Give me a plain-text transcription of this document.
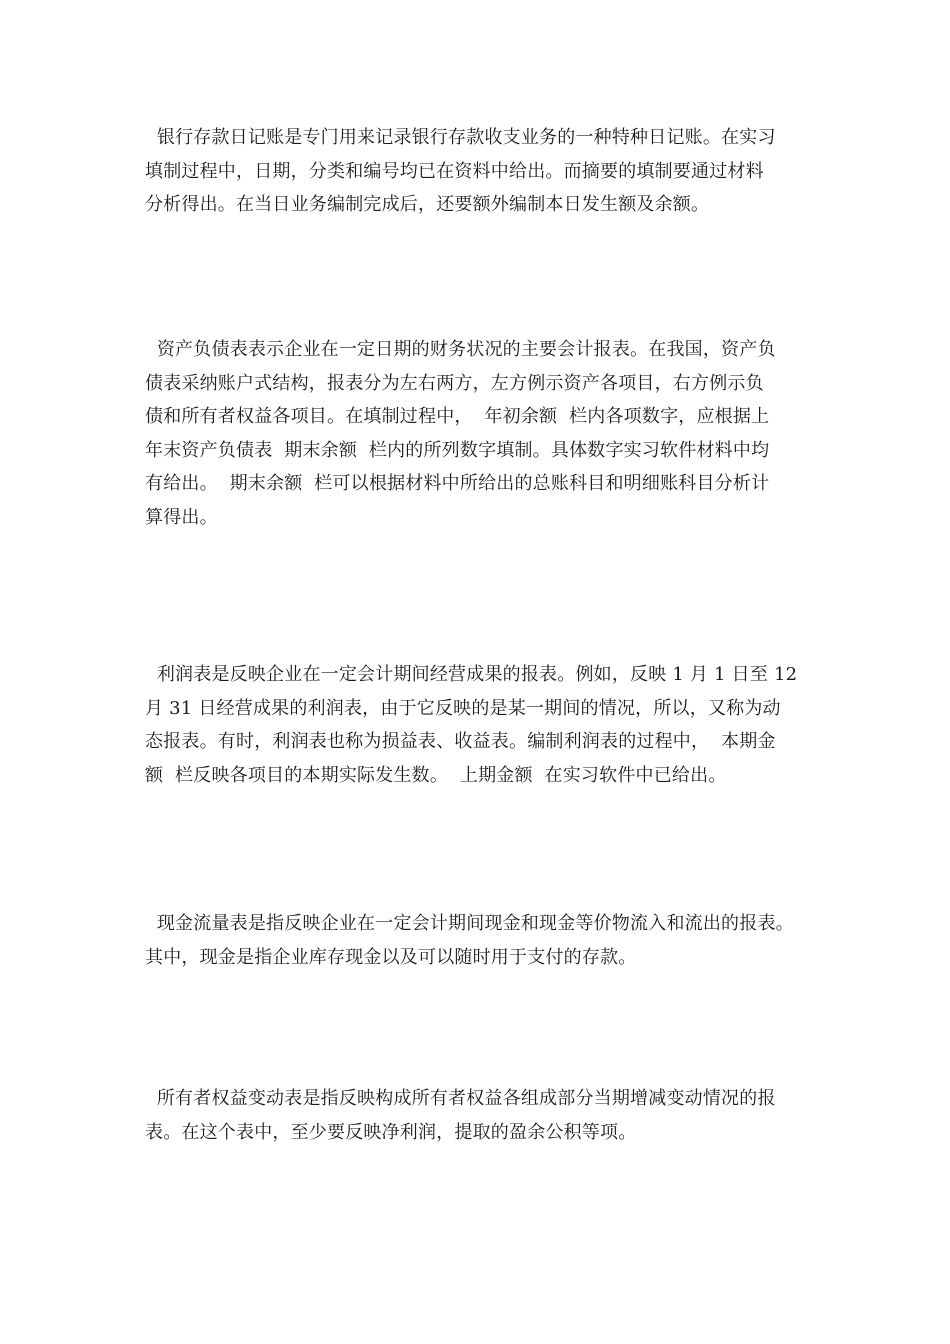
银行存款日记账是专门用来记录银行存款收支业务的一种特种日记账。在实习
填制过程中，日期，分类和编号均已在资料中给出。而摘要的填制要通过材料
分析得出。在当日业务编制完成后，还要额外编制本日发生额及余额。
资产负债表表示企业在一定日期的财务状况的主要会计报表。在我国，资产负
债表采纳账户式结构，报表分为左右两方，左方例示资产各项目，右方例示负
债和所有者权益各项目。在填制过程中，  年初余额  栏内各项数字，应根据上
年末资产负债表  期末余额  栏内的所列数字填制。具体数字实习软件材料中均
有给出。  期末余额  栏可以根据材料中所给出的总账科目和明细账科目分析计
算得出。
利润表是反映企业在一定会计期间经营成果的报表。例如，反映 1 月 1 日至 12
月 31 日经营成果的利润表，由于它反映的是某一期间的情况，所以，又称为动
态报表。有时，利润表也称为损益表、收益表。编制利润表的过程中，  本期金
额  栏反映各项目的本期实际发生数。  上期金额  在实习软件中已给出。
现金流量表是指反映企业在一定会计期间现金和现金等价物流入和流出的报表。
其中，现金是指企业库存现金以及可以随时用于支付的存款。
所有者权益变动表是指反映构成所有者权益各组成部分当期增减变动情况的报
表。在这个表中，至少要反映净利润，提取的盈余公积等项。
